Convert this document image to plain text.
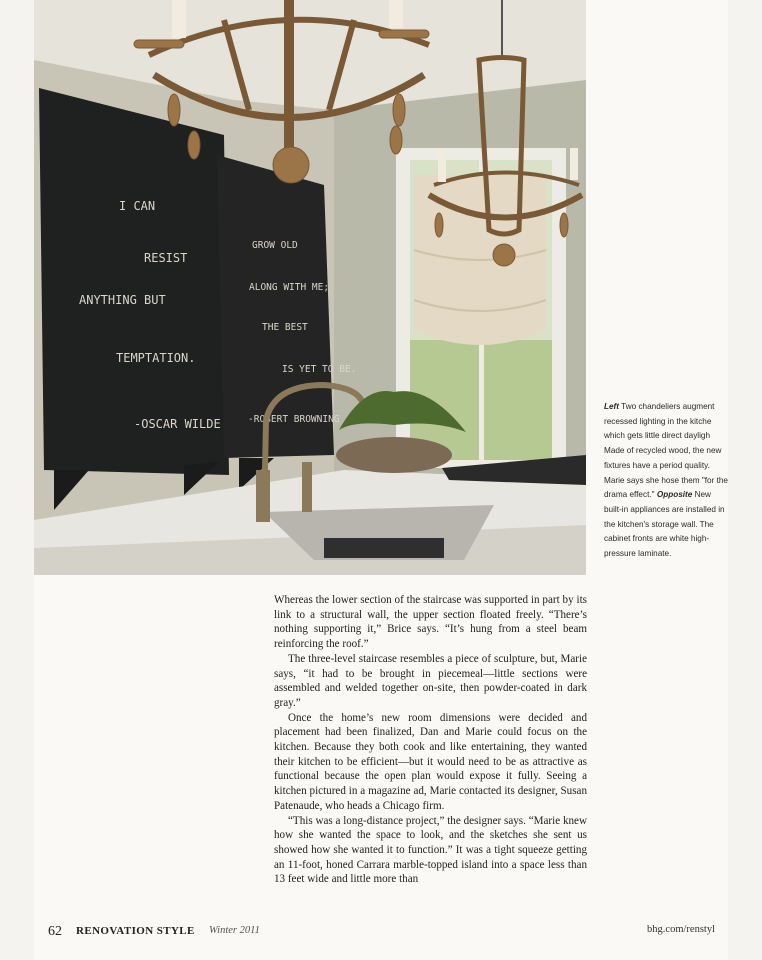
I CAN
RESIST
ANYTHING BUT
TEMPTATION.
-OSCAR WILDE
GROW OLD
ALONG WITH ME;
THE BEST
IS YET TO BE.
-ROBERT BROWNING
Left Two chandeliers augment recessed lighting in the kitche which gets little direct dayligh Made of recycled wood, the new fixtures have a period quality. Marie says she hose them "for the drama effect." Opposite New built-in appliances are installed in the kitchen's storage wall. The cabinet fronts are white high-pressure laminate.

Whereas the lower section of the staircase was supported in part by its link to a structural wall, the upper section floated freely. “There’s nothing supporting it,” Brice says. “It’s hung from a steel beam reinforcing the roof.”

The three-level staircase resembles a piece of sculpture, but, Marie says, “it had to be brought in piecemeal—little sections were assembled and welded together on-site, then powder-coated in dark gray.”

Once the home’s new room dimensions were decided and placement had been finalized, Dan and Marie could focus on the kitchen. Because they both cook and like entertaining, they wanted their kitchen to be efficient—but it would need to be as attractive as functional because the open plan would expose it fully. Seeing a kitchen pictured in a magazine ad, Marie contacted its designer, Susan Patenaude, who heads a Chicago firm.

“This was a long-distance project,” the designer says. “Marie knew how she wanted the space to look, and the sketches she sent us showed how she wanted it to function.” It was a tight squeeze getting an 11-foot, honed Carrara marble-topped island into a space less than 13 feet wide and little more than

62 RENOVATION STYLE Winter 2011	bhg.com/renstyl
